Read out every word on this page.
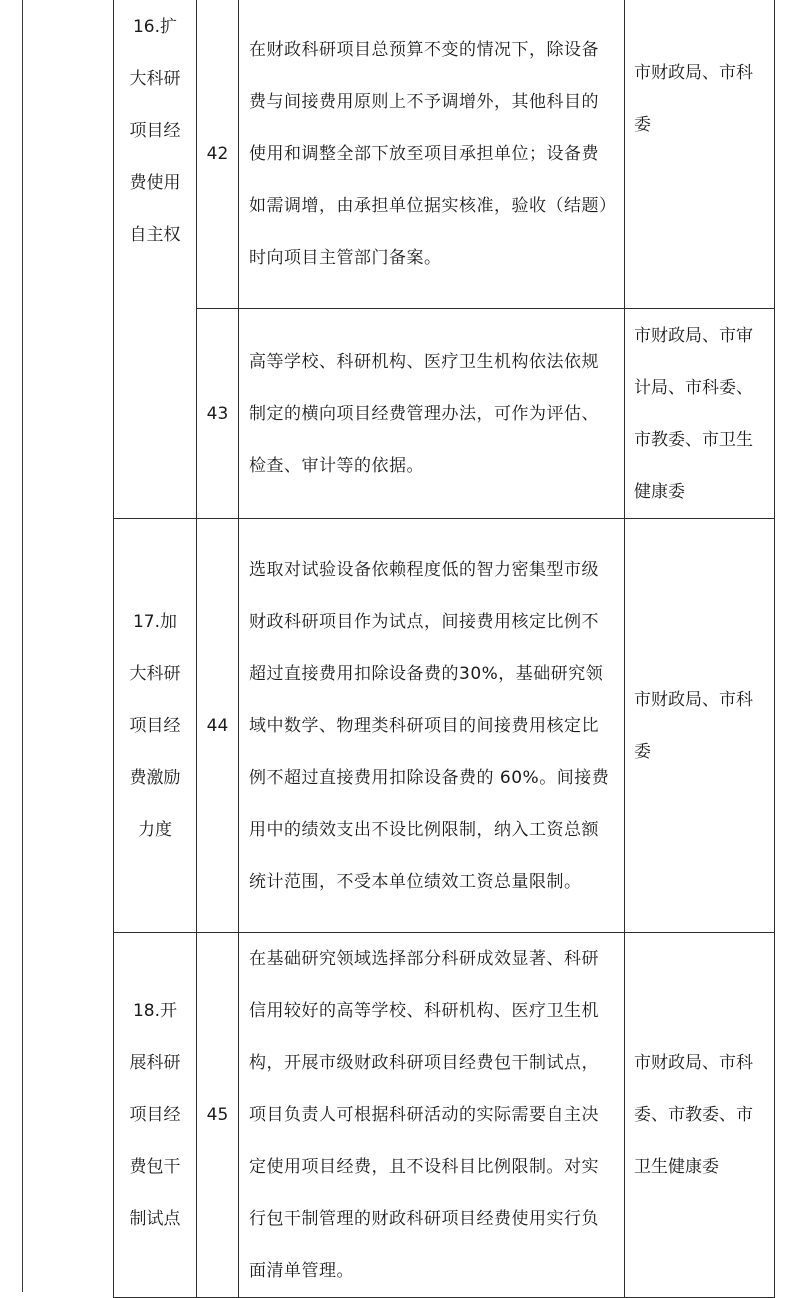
16.扩大科研项目经费使用自主权	42	在财政科研项目总预算不变的情况下，除设备费与间接费用原则上不予调增外，其他科目的使用和调整全部下放至项目承担单位；设备费如需调增，由承担单位据实核准，验收（结题）时向项目主管部门备案。	市财政局、市科委

	43	高等学校、科研机构、医疗卫生机构依法依规制定的横向项目经费管理办法，可作为评估、检查、审计等的依据。	市财政局、市审计局、市科委、市教委、市卫生健康委

17.加大科研项目经费激励力度	44	选取对试验设备依赖程度低的智力密集型市级财政科研项目作为试点，间接费用核定比例不超过直接费用扣除设备费的30%，基础研究领域中数学、物理类科研项目的间接费用核定比例不超过直接费用扣除设备费的 60%。间接费用中的绩效支出不设比例限制，纳入工资总额统计范围，不受本单位绩效工资总量限制。	市财政局、市科委

18.开展科研项目经费包干制试点	45	在基础研究领域选择部分科研成效显著、科研信用较好的高等学校、科研机构、医疗卫生机构，开展市级财政科研项目经费包干制试点，项目负责人可根据科研活动的实际需要自主决定使用项目经费，且不设科目比例限制。对实行包干制管理的财政科研项目经费使用实行负面清单管理。	市财政局、市科委、市教委、市卫生健康委
